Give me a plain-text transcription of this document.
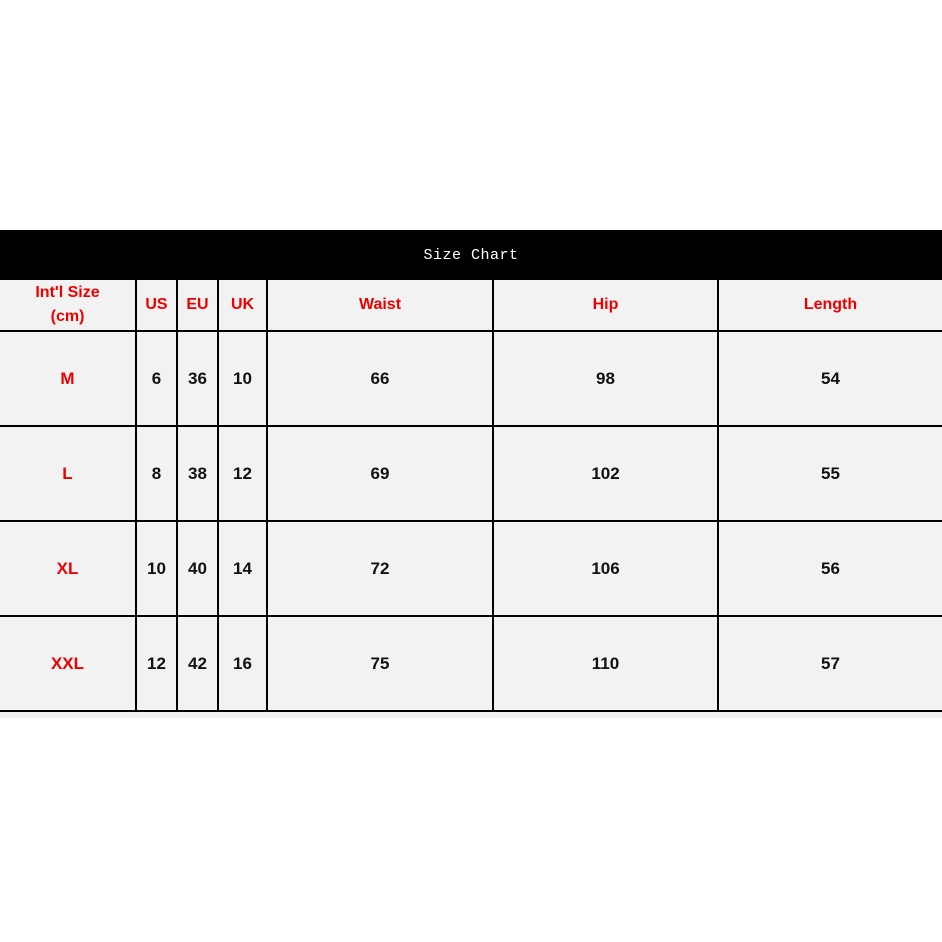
Size Chart
Int'l Size (cm)	US	EU	UK	Waist	Hip	Length
M	6	36	10	66	98	54
L	8	38	12	69	102	55
XL	10	40	14	72	106	56
XXL	12	42	16	75	110	57
